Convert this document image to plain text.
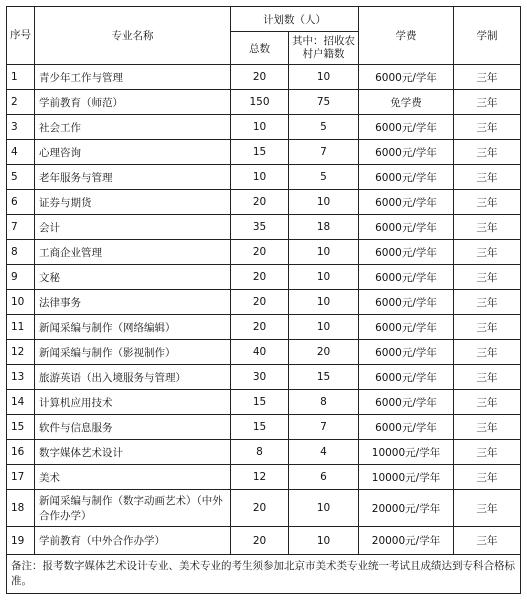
序号	专业名称	计划数（人）		学费	学制
		总数	其中：招收农村户籍数		
1	青少年工作与管理	20	10	6000元/学年	三年
2	学前教育（师范）	150	75	免学费	三年
3	社会工作	10	5	6000元/学年	三年
4	心理咨询	15	7	6000元/学年	三年
5	老年服务与管理	10	5	6000元/学年	三年
6	证券与期货	20	10	6000元/学年	三年
7	会计	35	18	6000元/学年	三年
8	工商企业管理	20	10	6000元/学年	三年
9	文秘	20	10	6000元/学年	三年
10	法律事务	20	10	6000元/学年	三年
11	新闻采编与制作（网络编辑）	20	10	6000元/学年	三年
12	新闻采编与制作（影视制作）	40	20	6000元/学年	三年
13	旅游英语（出入境服务与管理）	30	15	6000元/学年	三年
14	计算机应用技术	15	8	6000元/学年	三年
15	软件与信息服务	15	7	6000元/学年	三年
16	数字媒体艺术设计	8	4	10000元/学年	三年
17	美术	12	6	10000元/学年	三年
18	新闻采编与制作（数字动画艺术）（中外合作办学）	20	10	20000元/学年	三年
19	学前教育（中外合作办学）	20	10	20000元/学年	三年
备注：报考数字媒体艺术设计专业、美术专业的考生须参加北京市美术类专业统一考试且成绩达到专科合格标准。					
